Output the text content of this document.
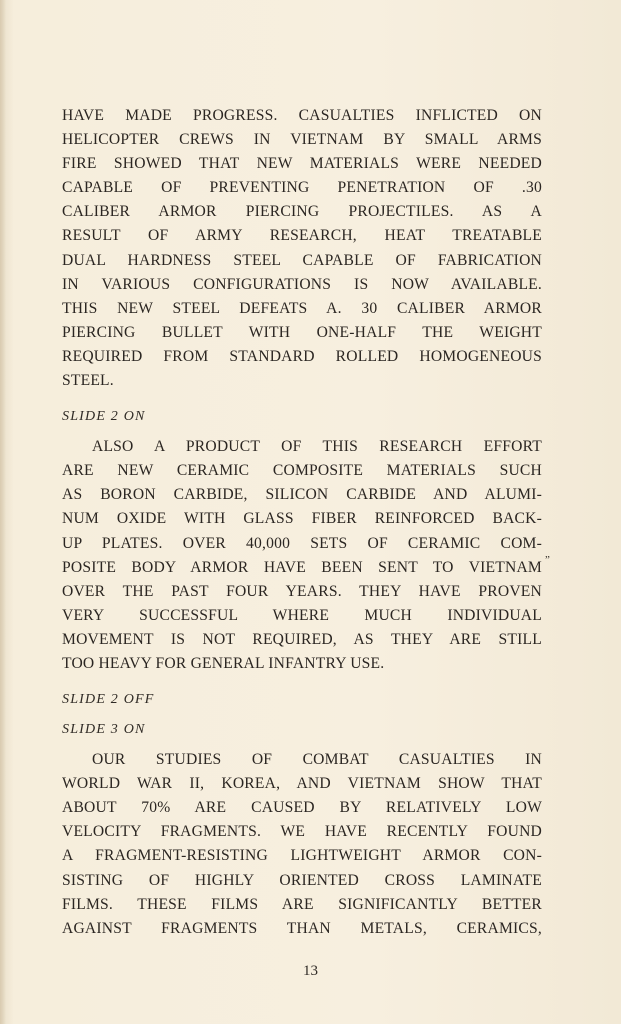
HAVE MADE PROGRESS. CASUALTIES INFLICTED ON
HELICOPTER CREWS IN VIETNAM BY SMALL ARMS
FIRE SHOWED THAT NEW MATERIALS WERE NEEDED
CAPABLE OF PREVENTING PENETRATION OF .30
CALIBER ARMOR PIERCING PROJECTILES. AS A
RESULT OF ARMY RESEARCH, HEAT TREATABLE
DUAL HARDNESS STEEL CAPABLE OF FABRICATION
IN VARIOUS CONFIGURATIONS IS NOW AVAILABLE.
THIS NEW STEEL DEFEATS A. 30 CALIBER ARMOR
PIERCING BULLET WITH ONE-HALF THE WEIGHT
REQUIRED FROM STANDARD ROLLED HOMOGENEOUS
STEEL.
SLIDE 2 ON
ALSO A PRODUCT OF THIS RESEARCH EFFORT
ARE NEW CERAMIC COMPOSITE MATERIALS SUCH
AS BORON CARBIDE, SILICON CARBIDE AND ALUMI-
NUM OXIDE WITH GLASS FIBER REINFORCED BACK-
UP PLATES. OVER 40,000 SETS OF CERAMIC COM-
POSITE BODY ARMOR HAVE BEEN SENT TO VIETNAM
OVER THE PAST FOUR YEARS. THEY HAVE PROVEN
VERY SUCCESSFUL WHERE MUCH INDIVIDUAL
MOVEMENT IS NOT REQUIRED, AS THEY ARE STILL
TOO HEAVY FOR GENERAL INFANTRY USE.
SLIDE 2 OFF
SLIDE 3 ON
OUR STUDIES OF COMBAT CASUALTIES IN
WORLD WAR II, KOREA, AND VIETNAM SHOW THAT
ABOUT 70% ARE CAUSED BY RELATIVELY LOW
VELOCITY FRAGMENTS. WE HAVE RECENTLY FOUND
A FRAGMENT-RESISTING LIGHTWEIGHT ARMOR CON-
SISTING OF HIGHLY ORIENTED CROSS LAMINATE
FILMS. THESE FILMS ARE SIGNIFICANTLY BETTER
AGAINST FRAGMENTS THAN METALS, CERAMICS,
”
13
